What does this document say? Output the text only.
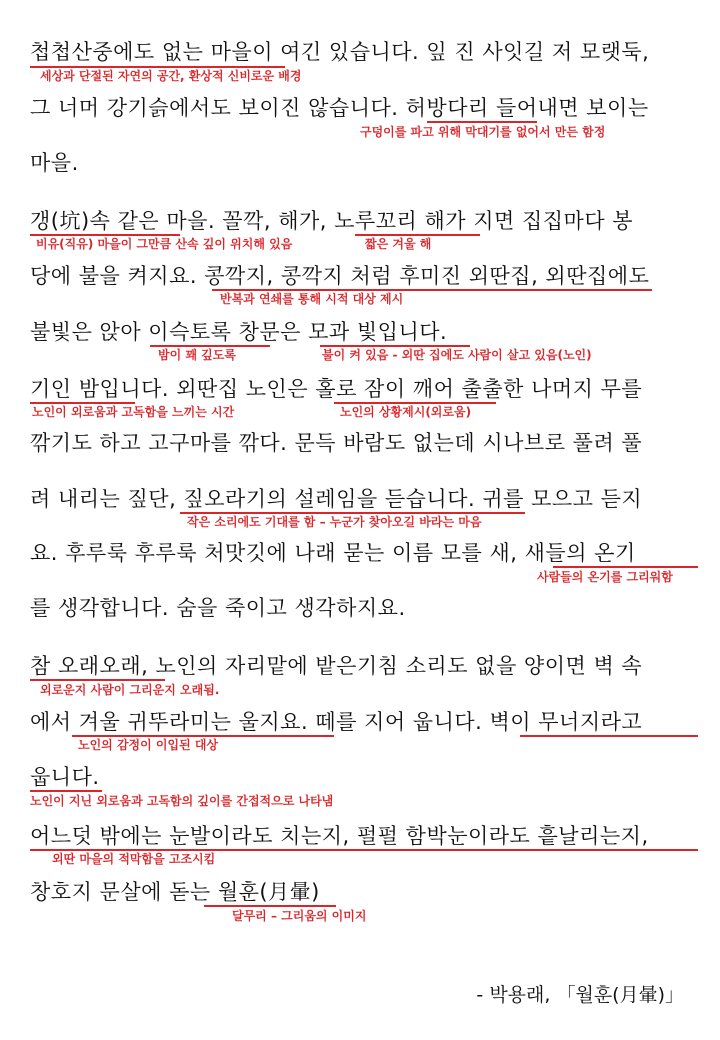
첩첩산중에도 없는 마을이 여긴 있습니다. 잎 진 사잇길 저 모랫둑,
그 너머 강기슭에서도 보이진 않습니다. 허방다리 들어내면 보이는
마을.
갱(坑)속 같은 마을. 꼴깍, 해가, 노루꼬리 해가 지면 집집마다 봉
당에 불을 켜지요. 콩깍지, 콩깍지 처럼 후미진 외딴집, 외딴집에도
불빛은 앉아 이슥토록 창문은 모과 빛입니다.
기인 밤입니다. 외딴집 노인은 홀로 잠이 깨어 출출한 나머지 무를
깎기도 하고 고구마를 깎다. 문득 바람도 없는데 시나브로 풀려 풀
려 내리는 짚단, 짚오라기의 설레임을 듣습니다. 귀를 모으고 듣지
요. 후루룩 후루룩 처맛깃에 나래 묻는 이름 모를 새, 새들의 온기
를 생각합니다. 숨을 죽이고 생각하지요.
참 오래오래, 노인의 자리맡에 밭은기침 소리도 없을 양이면 벽 속
에서 겨울 귀뚜라미는 울지요. 떼를 지어 웁니다. 벽이 무너지라고
웁니다.
어느덧 밖에는 눈발이라도 치는지, 펄펄 함박눈이라도 흩날리는지,
창호지 문살에 돋는 월훈(月暈)
세상과 단절된 자연의 공간, 환상적 신비로운 배경
구덩이를 파고 위해 막대기를 없어서 만든 함정
비유(직유) 마을이 그만큼 산속 깊이 위치해 있음	짧은 겨울 해
반복과 연쇄를 통해 시적 대상 제시
밤이 꽤 깊도록	불이 켜 있음 - 외딴 집에도 사람이 살고 있음(노인)
노인이 외로움과 고독함을 느끼는 시간	노인의 상황제시(외로움)
작은 소리에도 기대를 함 – 누군가 찾아오길 바라는 마음
사람들의 온기를 그리워함
외로운지 사람이 그리운지 오래됨.
노인의 감정이 이입된 대상
노인이 지닌 외로움과 고독함의 깊이를 간접적으로 나타냄
외딴 마을의 적막함을 고조시킴
달무리 – 그리움의 이미지
- 박용래, 「월훈(月暈)」
